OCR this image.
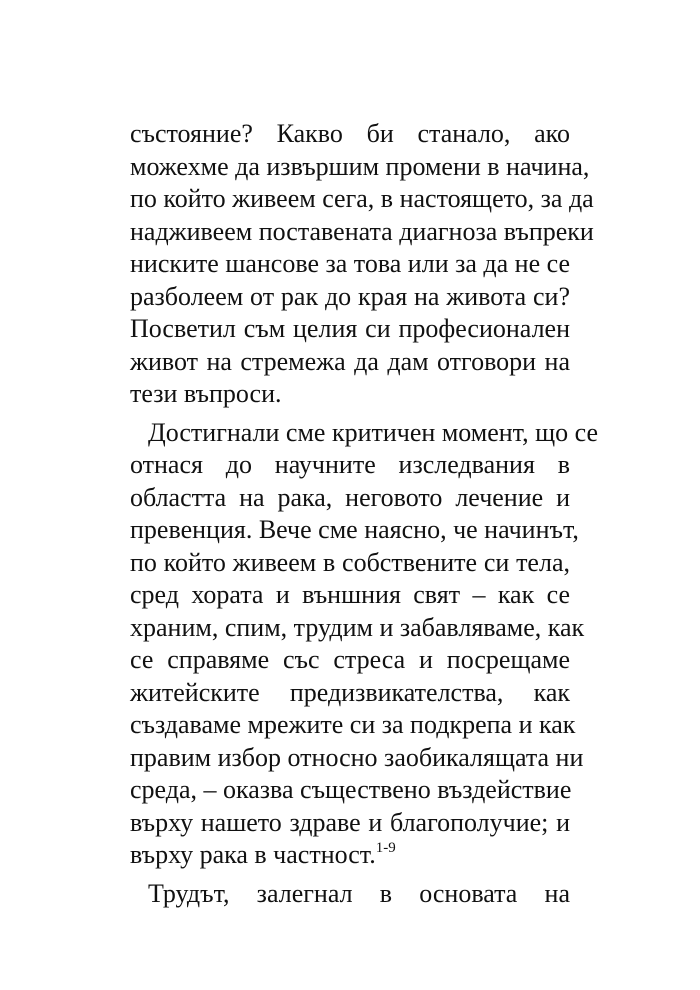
състояние? Какво би станало, ако
можехме да извършим промени в начина,
по който живеем сега, в настоящето, за да
надживеем поставената диагноза въпреки
ниските шансове за това или за да не се
разболеем от рак до края на живота си?
Посветил съм целия си професионален
живот на стремежа да дам отговори на
тези въпроси.
Достигнали сме критичен момент, що се
отнася до научните изследвания в
областта на рака, неговото лечение и
превенция. Вече сме наясно, че начинът,
по който живеем в собствените си тела,
сред хората и външния свят – как се
храним, спим, трудим и забавляваме, как
се справяме със стреса и посрещаме
житейските предизвикателства, как
създаваме мрежите си за подкрепа и как
правим избор относно заобикалящата ни
среда, – оказва съществено въздействие
върху нашето здраве и благополучие; и
върху рака в частност.$^{1-9}$
Трудът, залегнал в основата на
